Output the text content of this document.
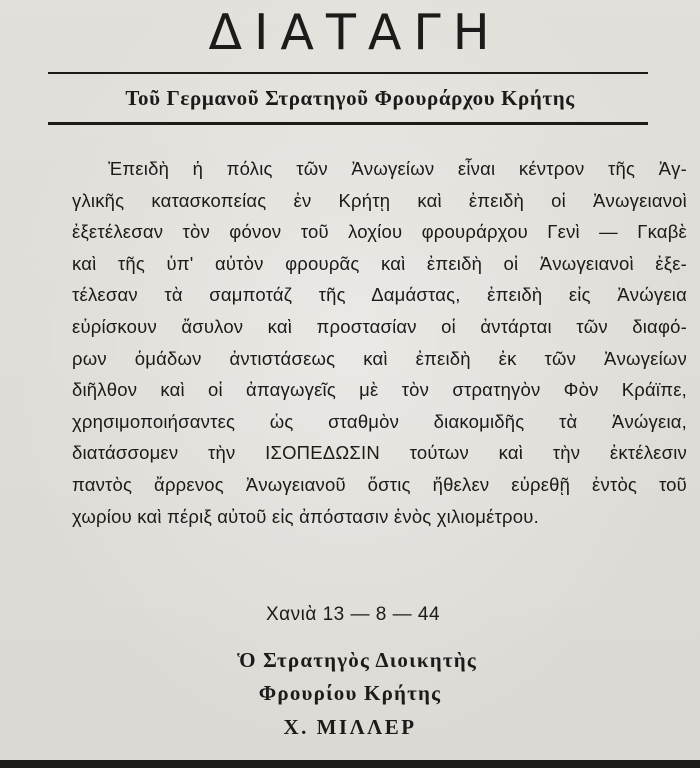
ΔΙΑΤΑΓΗ
Τοῦ Γερμανοῦ Στρατηγοῦ Φρουράρχου Κρήτης
Ἐπειδὴ ἡ πόλις τῶν Ἀνωγείων εἶναι κέντρον τῆς Ἀγ-
γλικῆς κατασκοπείας ἐν Κρήτῃ καὶ ἐπειδὴ οἱ Ἀνωγειανοὶ
ἐξετέλεσαν τὸν φόνον τοῦ λοχίου φρουράρχου Γενὶ — Γκαβὲ
καὶ τῆς ὑπ' αὐτὸν φρουρᾶς καὶ ἐπειδὴ οἱ Ἀνωγειανοὶ ἐξε-
τέλεσαν τὰ σαμποτάζ τῆς Δαμάστας, ἐπειδὴ εἰς Ἀνώγεια
εὑρίσκουν ἄσυλον καὶ προστασίαν οἱ ἀντάρται τῶν διαφό-
ρων ὁμάδων ἀντιστάσεως καὶ ἐπειδὴ ἐκ τῶν Ἀνωγείων
διῆλθον καὶ οἱ ἀπαγωγεῖς μὲ τὸν στρατηγὸν Φὸν Κράϊπε,
χρησιμοποιήσαντες ὡς σταθμὸν διακομιδῆς τὰ Ἀνώγεια,
διατάσσομεν τὴν ΙΣΟΠΕΔΩΣΙΝ τούτων καὶ τὴν ἐκτέλεσιν
παντὸς ἄρρενος Ἀνωγειανοῦ ὅστις ἤθελεν εὑρεθῇ ἐντὸς τοῦ
χωρίου καὶ πέριξ αὐτοῦ εἰς ἀπόστασιν ἑνὸς χιλιομέτρου.
Χανιὰ 13 — 8 — 44
Ὁ Στρατηγὸς Διοικητὴς
Φρουρίου Κρήτης
Χ. ΜΙΛΛΕΡ
